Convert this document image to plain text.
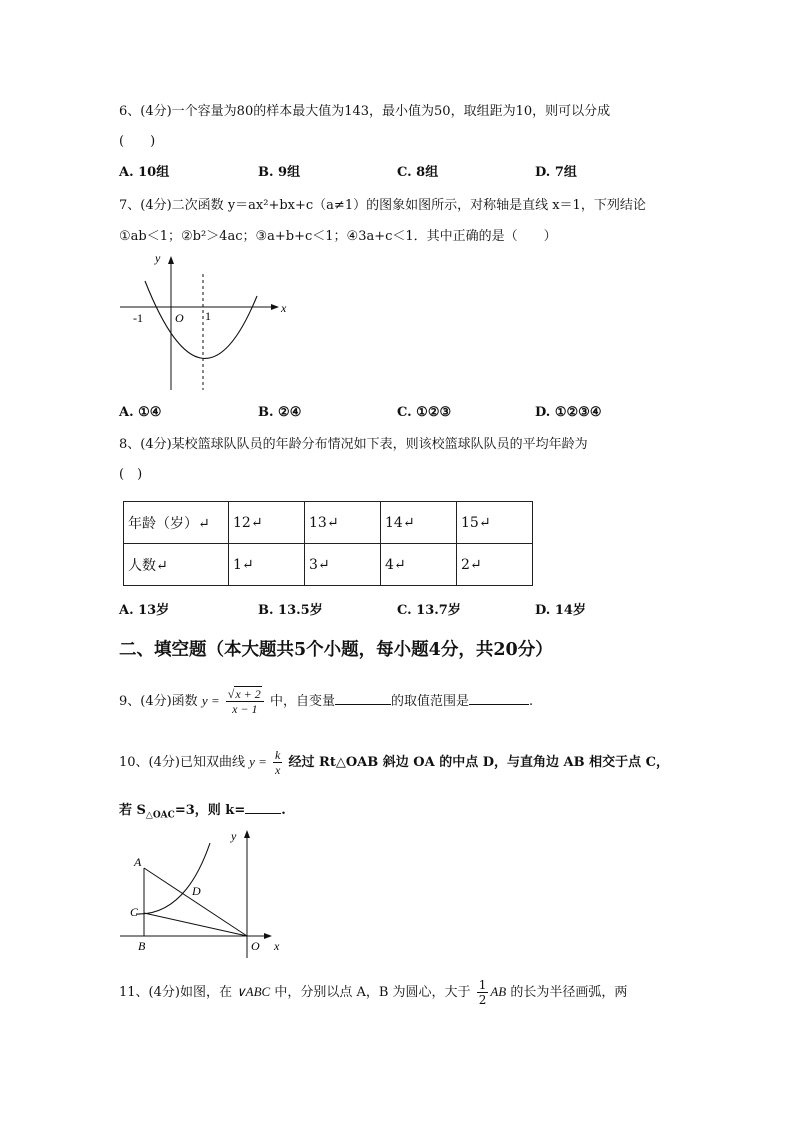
6、(4分)一个容量为80的样本最大值为143，最小值为50，取组距为10，则可以分成
(　　)
A. 10组	B. 9组	C. 8组	D. 7组
7、(4分)二次函数 y＝ax²+bx+c（a≠1）的图象如图所示，对称轴是直线 x＝1，下列结论
①ab＜1；②b²＞4ac；③a+b+c＜1；④3a+c＜1．其中正确的是（　　）
y
x
O
-1	1
A. ①④	B. ②④	C. ①②③	D. ①②③④
8、(4分)某校篮球队队员的年龄分布情况如下表，则该校篮球队队员的平均年龄为
(　)
年龄（岁）↵	12↵	13↵	14↵	15↵
人数↵	1↵	3↵	4↵	2↵
A. 13岁	B. 13.5岁	C. 13.7岁	D. 14岁
二、填空题（本大题共5个小题，每小题4分，共20分）
9、(4分)函数 $y = \frac{√x + 2}{x - 1}$ 中，自变量	的取值范围是	.
10、(4分)已知双曲线 $y = \frac{k}{x}$ 经过 Rt△OAB 斜边 OA 的中点 D，与直角边 AB 相交于点 C，
若 $S_{\triangle OAC}=3$，则 k=	.
A
B
C
D
O x
y
11、(4分)如图，在 ∨ABC 中，分别以点 A，B 为圆心，大于 $\frac{1}{2}$ AB 的长为半径画弧，两
